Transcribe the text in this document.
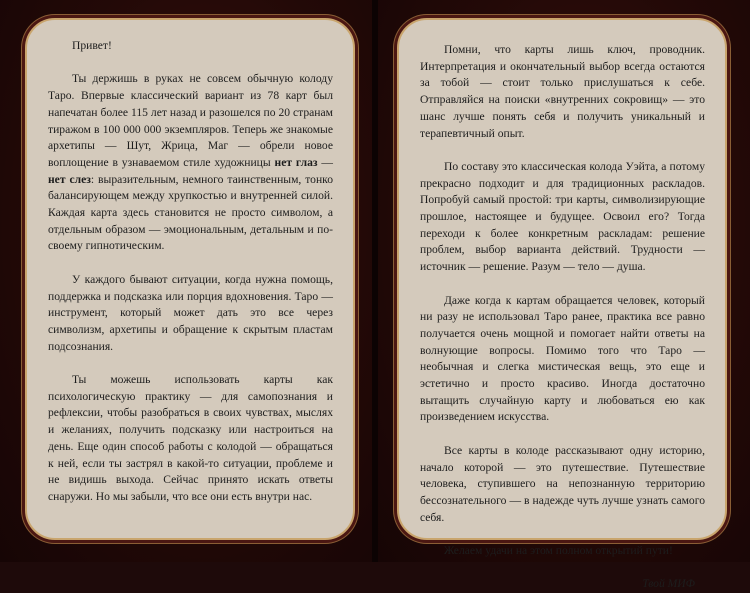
Привет!

Ты держишь в руках не совсем обычную колоду Таро. Впервые классический вариант из 78 карт был напечатан более 115 лет назад и разошелся по 20 странам тиражом в 100 000 000 экземпляров. Теперь же знакомые архетипы — Шут, Жрица, Маг — обрели новое воплощение в узнаваемом стиле художницы нет глаз — нет слез: выразительным, немного таинственным, тонко балансирующем между хрупкостью и внутренней силой. Каждая карта здесь становится не просто символом, а отдельным образом — эмоциональным, детальным и по-своему гипнотическим.

У каждого бывают ситуации, когда нужна помощь, поддержка и подсказка или порция вдохновения. Таро — инструмент, который может дать это все через символизм, архетипы и обращение к скрытым пластам подсознания.

Ты можешь использовать карты как психологическую практику — для самопознания и рефлексии, чтобы разобраться в своих чувствах, мыслях и желаниях, получить подсказку или настроиться на день. Еще один способ работы с колодой — обращаться к ней, если ты застрял в какой-то ситуации, проблеме и не видишь выхода. Сейчас принято искать ответы снаружи. Но мы забыли, что все они есть внутри нас.

Помни, что карты лишь ключ, проводник. Интерпретация и окончательный выбор всегда остаются за тобой — стоит только прислушаться к себе. Отправляйся на поиски «внутренних сокровищ» — это шанс лучше понять себя и получить уникальный и терапевтичный опыт.

По составу это классическая колода Уэйта, а потому прекрасно подходит и для традиционных раскладов. Попробуй самый простой: три карты, символизирующие прошлое, настоящее и будущее. Освоил его? Тогда переходи к более конкретным раскладам: решение проблем, выбор варианта действий. Трудности — источник — решение. Разум — тело — душа.

Даже когда к картам обращается человек, который ни разу не использовал Таро ранее, практика все равно получается очень мощной и помогает найти ответы на волнующие вопросы. Помимо того что Таро — необычная и слегка мистическая вещь, это еще и эстетично и просто красиво. Иногда достаточно вытащить случайную карту и любоваться ею как произведением искусства.

Все карты в колоде рассказывают одну историю, начало которой — это путешествие. Путешествие человека, ступившего на непознанную территорию бессознательного — в надежде чуть лучше узнать самого себя.

Желаем удачи на этом полном открытий пути!

Твой МИФ
